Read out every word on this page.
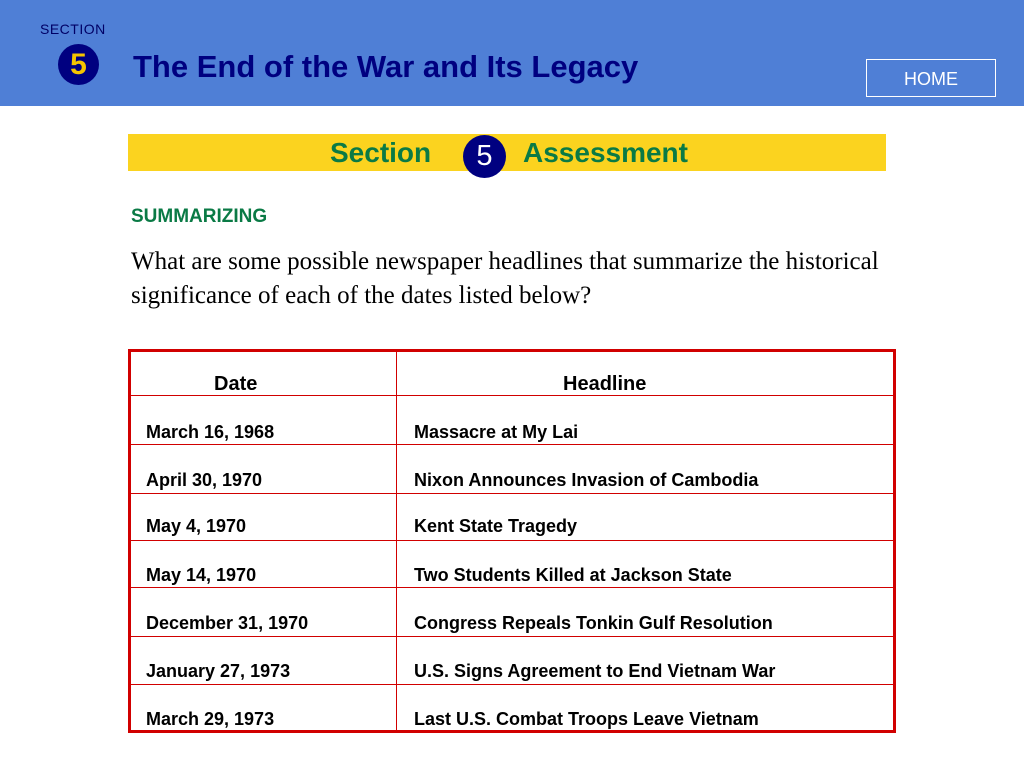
SECTION
5	The End of the War and Its Legacy	HOME
Section	5	Assessment
SUMMARIZING
What are some possible newspaper headlines that summarize the historical significance of each of the dates listed below?
Date	Headline
March 16, 1968	Massacre at My Lai
April 30, 1970	Nixon Announces Invasion of Cambodia
May 4, 1970	Kent State Tragedy
May 14, 1970	Two Students Killed at Jackson State
December 31, 1970	Congress Repeals Tonkin Gulf Resolution
January 27, 1973	U.S. Signs Agreement to End Vietnam War
March 29, 1973	Last U.S. Combat Troops Leave Vietnam
